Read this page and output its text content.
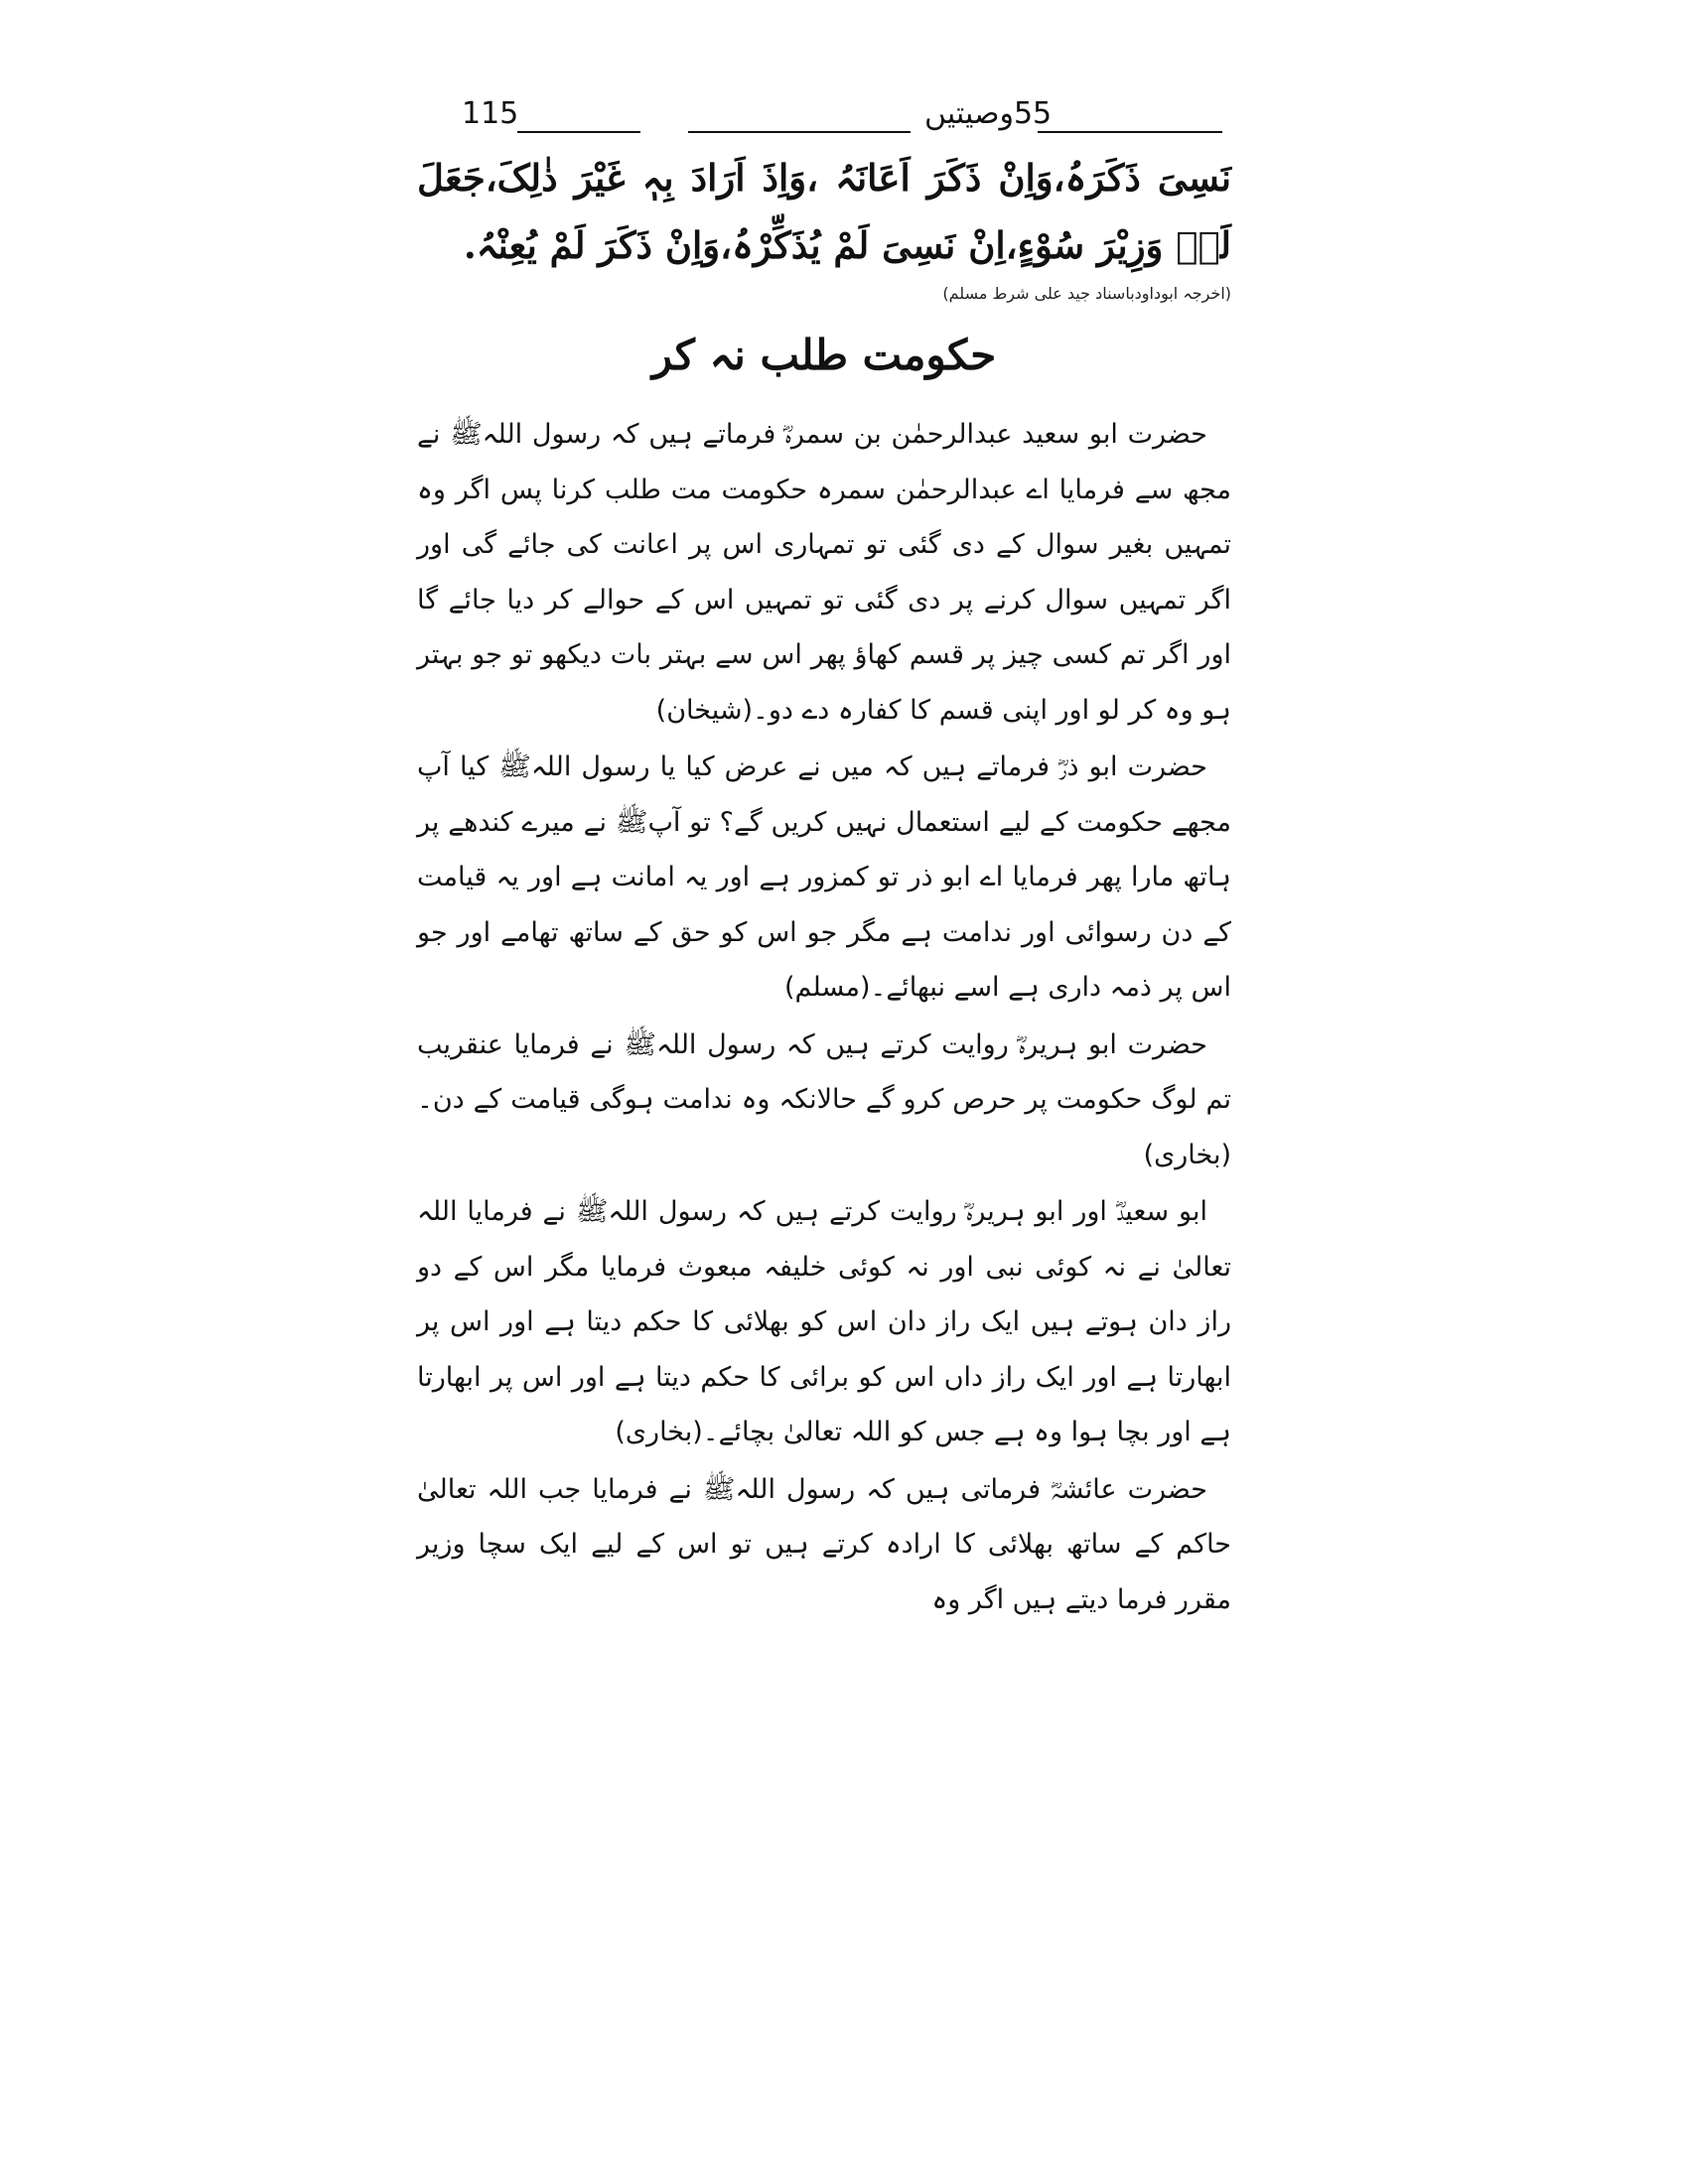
115	55وصیتیں

نَسِیَ ذَکَرَہُ،وَاِنْ ذَکَرَ اَعَانَہُ ،وَاِذَ اَرَادَ بِہٖ غَیْرَ ذٰلِکَ،جَعَلَ لَہٗ وَزِیْرَ سُوْءٍ،اِنْ نَسِیَ لَمْ یُذَکِّرْہُ،وَاِنْ ذَکَرَ لَمْ یُعِنْہُ.

(اخرجہ ابوداودباسناد جید علی شرط مسلم)
حکومت طلب نہ کر

حضرت ابو سعید عبدالرحمٰن بن سمرہؓ فرماتے ہیں کہ رسول اللہﷺ نے مجھ سے فرمایا اے عبدالرحمٰن سمرہ حکومت مت طلب کرنا پس اگر وہ تمہیں بغیر سوال کے دی گئی تو تمہاری اس پر اعانت کی جائے گی اور اگر تمہیں سوال کرنے پر دی گئی تو تمہیں اس کے حوالے کر دیا جائے گا اور اگر تم کسی چیز پر قسم کھاؤ پھر اس سے بہتر بات دیکھو تو جو بہتر ہو وہ کر لو اور اپنی قسم کا کفارہ دے دو۔(شیخان)

حضرت ابو ذرؓ فرماتے ہیں کہ میں نے عرض کیا یا رسول اللہﷺ کیا آپ مجھے حکومت کے لیے استعمال نہیں کریں گے؟ تو آپﷺ نے میرے کندھے پر ہاتھ مارا پھر فرمایا اے ابو ذر تو کمزور ہے اور یہ امانت ہے اور یہ قیامت کے دن رسوائی اور ندامت ہے مگر جو اس کو حق کے ساتھ تھامے اور جو اس پر ذمہ داری ہے اسے نبھائے۔(مسلم)

حضرت ابو ہریرہؓ روایت کرتے ہیں کہ رسول اللہﷺ نے فرمایا عنقریب تم لوگ حکومت پر حرص کرو گے حالانکہ وہ ندامت ہوگی قیامت کے دن۔(بخاری)

ابو سعیدؓ اور ابو ہریرہؓ روایت کرتے ہیں کہ رسول اللہﷺ نے فرمایا اللہ تعالیٰ نے نہ کوئی نبی اور نہ کوئی خلیفہ مبعوث فرمایا مگر اس کے دو راز دان ہوتے ہیں ایک راز دان اس کو بھلائی کا حکم دیتا ہے اور اس پر ابھارتا ہے اور ایک راز داں اس کو برائی کا حکم دیتا ہے اور اس پر ابھارتا ہے اور بچا ہوا وہ ہے جس کو اللہ تعالیٰ بچائے۔(بخاری)

حضرت عائشہؓ فرماتی ہیں کہ رسول اللہﷺ نے فرمایا جب اللہ تعالیٰ حاکم کے ساتھ بھلائی کا ارادہ کرتے ہیں تو اس کے لیے ایک سچا وزیر مقرر فرما دیتے ہیں اگر وہ
